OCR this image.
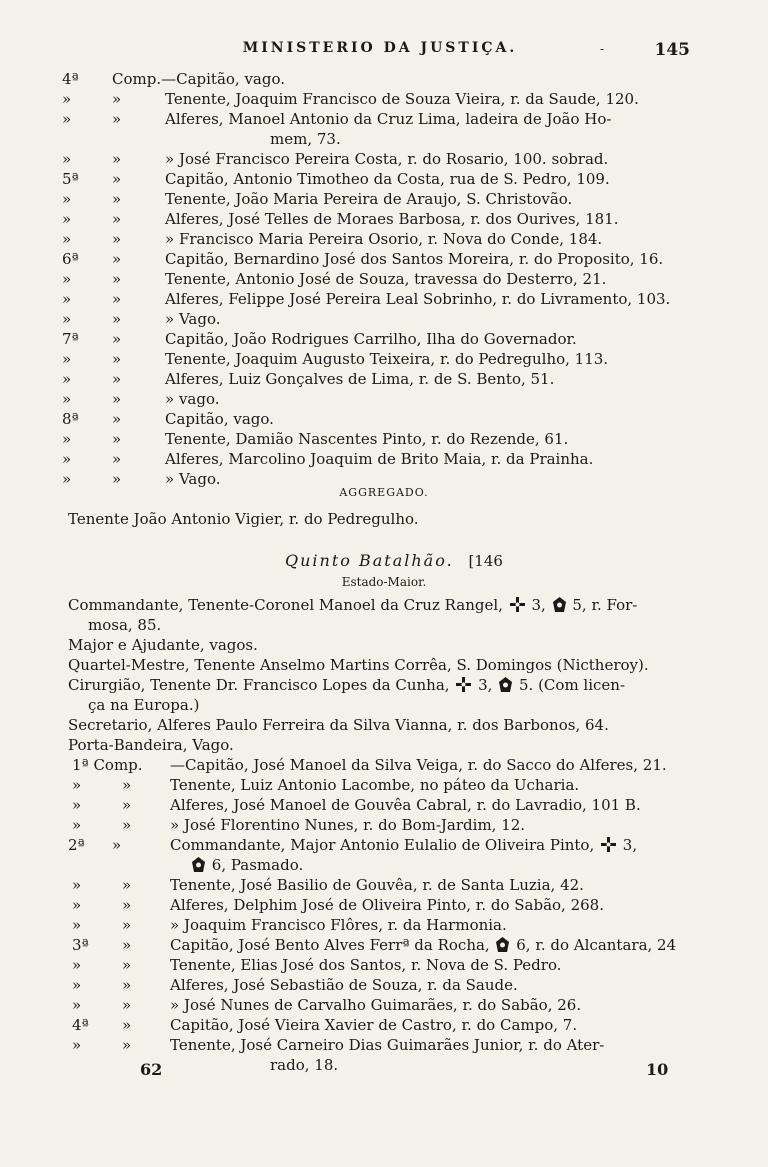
MINISTERIO DA JUSTIÇA.	-	145
4ª Comp.—Capitão, vago.
»	»	Tenente, Joaquim Francisco de Souza Vieira, r. da Saude, 120.
»	»	Alferes, Manoel Antonio da Cruz Lima, ladeira de João Ho-
mem, 73.
»	»	» José Francisco Pereira Costa, r. do Rosario, 100. sobrad.
5ª »	Capitão, Antonio Timotheo da Costa, rua de S. Pedro, 109.
»	»	Tenente, João Maria Pereira de Araujo, S. Christovão.
»	»	Alferes, José Telles de Moraes Barbosa, r. dos Ourives, 181.
»	»	» Francisco Maria Pereira Osorio, r. Nova do Conde, 184.
6ª »	Capitão, Bernardino José dos Santos Moreira, r. do Proposito, 16.
»	»	Tenente, Antonio José de Souza, travessa do Desterro, 21.
»	»	Alferes, Felippe José Pereira Leal Sobrinho, r. do Livramento, 103.
»	»	» Vago.
7ª »	Capitão, João Rodrigues Carrilho, Ilha do Governador.
»	»	Tenente, Joaquim Augusto Teixeira, r. do Pedregulho, 113.
»	»	Alferes, Luiz Gonçalves de Lima, r. de S. Bento, 51.
»	»	» vago.
8ª »	Capitão, vago.
»	»	Tenente, Damião Nascentes Pinto, r. do Rezende, 61.
»	»	Alferes, Marcolino Joaquim de Brito Maia, r. da Prainha.
»	»	» Vago.
AGGREGADO.
Tenente João Antonio Vigier, r. do Pedregulho.
Quinto Batalhão. [146
Estado-Maior.
Commandante, Tenente-Coronel Manoel da Cruz Rangel, 3, 5, r. For-
mosa, 85.
Major e Ajudante, vagos.
Quartel-Mestre, Tenente Anselmo Martins Corrêa, S. Domingos (Nictheroy).
Cirurgião, Tenente Dr. Francisco Lopes da Cunha, 3, 5. (Com licen-
ça na Europa.)
Secretario, Alferes Paulo Ferreira da Silva Vianna, r. dos Barbonos, 64.
Porta-Bandeira, Vago.
1ª Comp. —Capitão, José Manoel da Silva Veiga, r. do Sacco do Alferes, 21.
»	»	Tenente, Luiz Antonio Lacombe, no páteo da Ucharia.
»	»	Alferes, José Manoel de Gouvêa Cabral, r. do Lavradio, 101 B.
»	»	» José Florentino Nunes, r. do Bom-Jardim, 12.
2ª »	Commandante, Major Antonio Eulalio de Oliveira Pinto, 3,
6, Pasmado.
»	»	Tenente, José Basilio de Gouvêa, r. de Santa Luzia, 42.
»	»	Alferes, Delphim José de Oliveira Pinto, r. do Sabão, 268.
»	»	» Joaquim Francisco Flôres, r. da Harmonia.
3ª »	Capitão, José Bento Alves Ferrª da Rocha, 6, r. do Alcantara, 24
»	»	Tenente, Elias José dos Santos, r. Nova de S. Pedro.
»	»	Alferes, José Sebastião de Souza, r. da Saude.
»	»	» José Nunes de Carvalho Guimarães, r. do Sabão, 26.
4ª »	Capitão, José Vieira Xavier de Castro, r. do Campo, 7.
»	»	Tenente, José Carneiro Dias Guimarães Junior, r. do Ater-
rado, 18.
62	10
